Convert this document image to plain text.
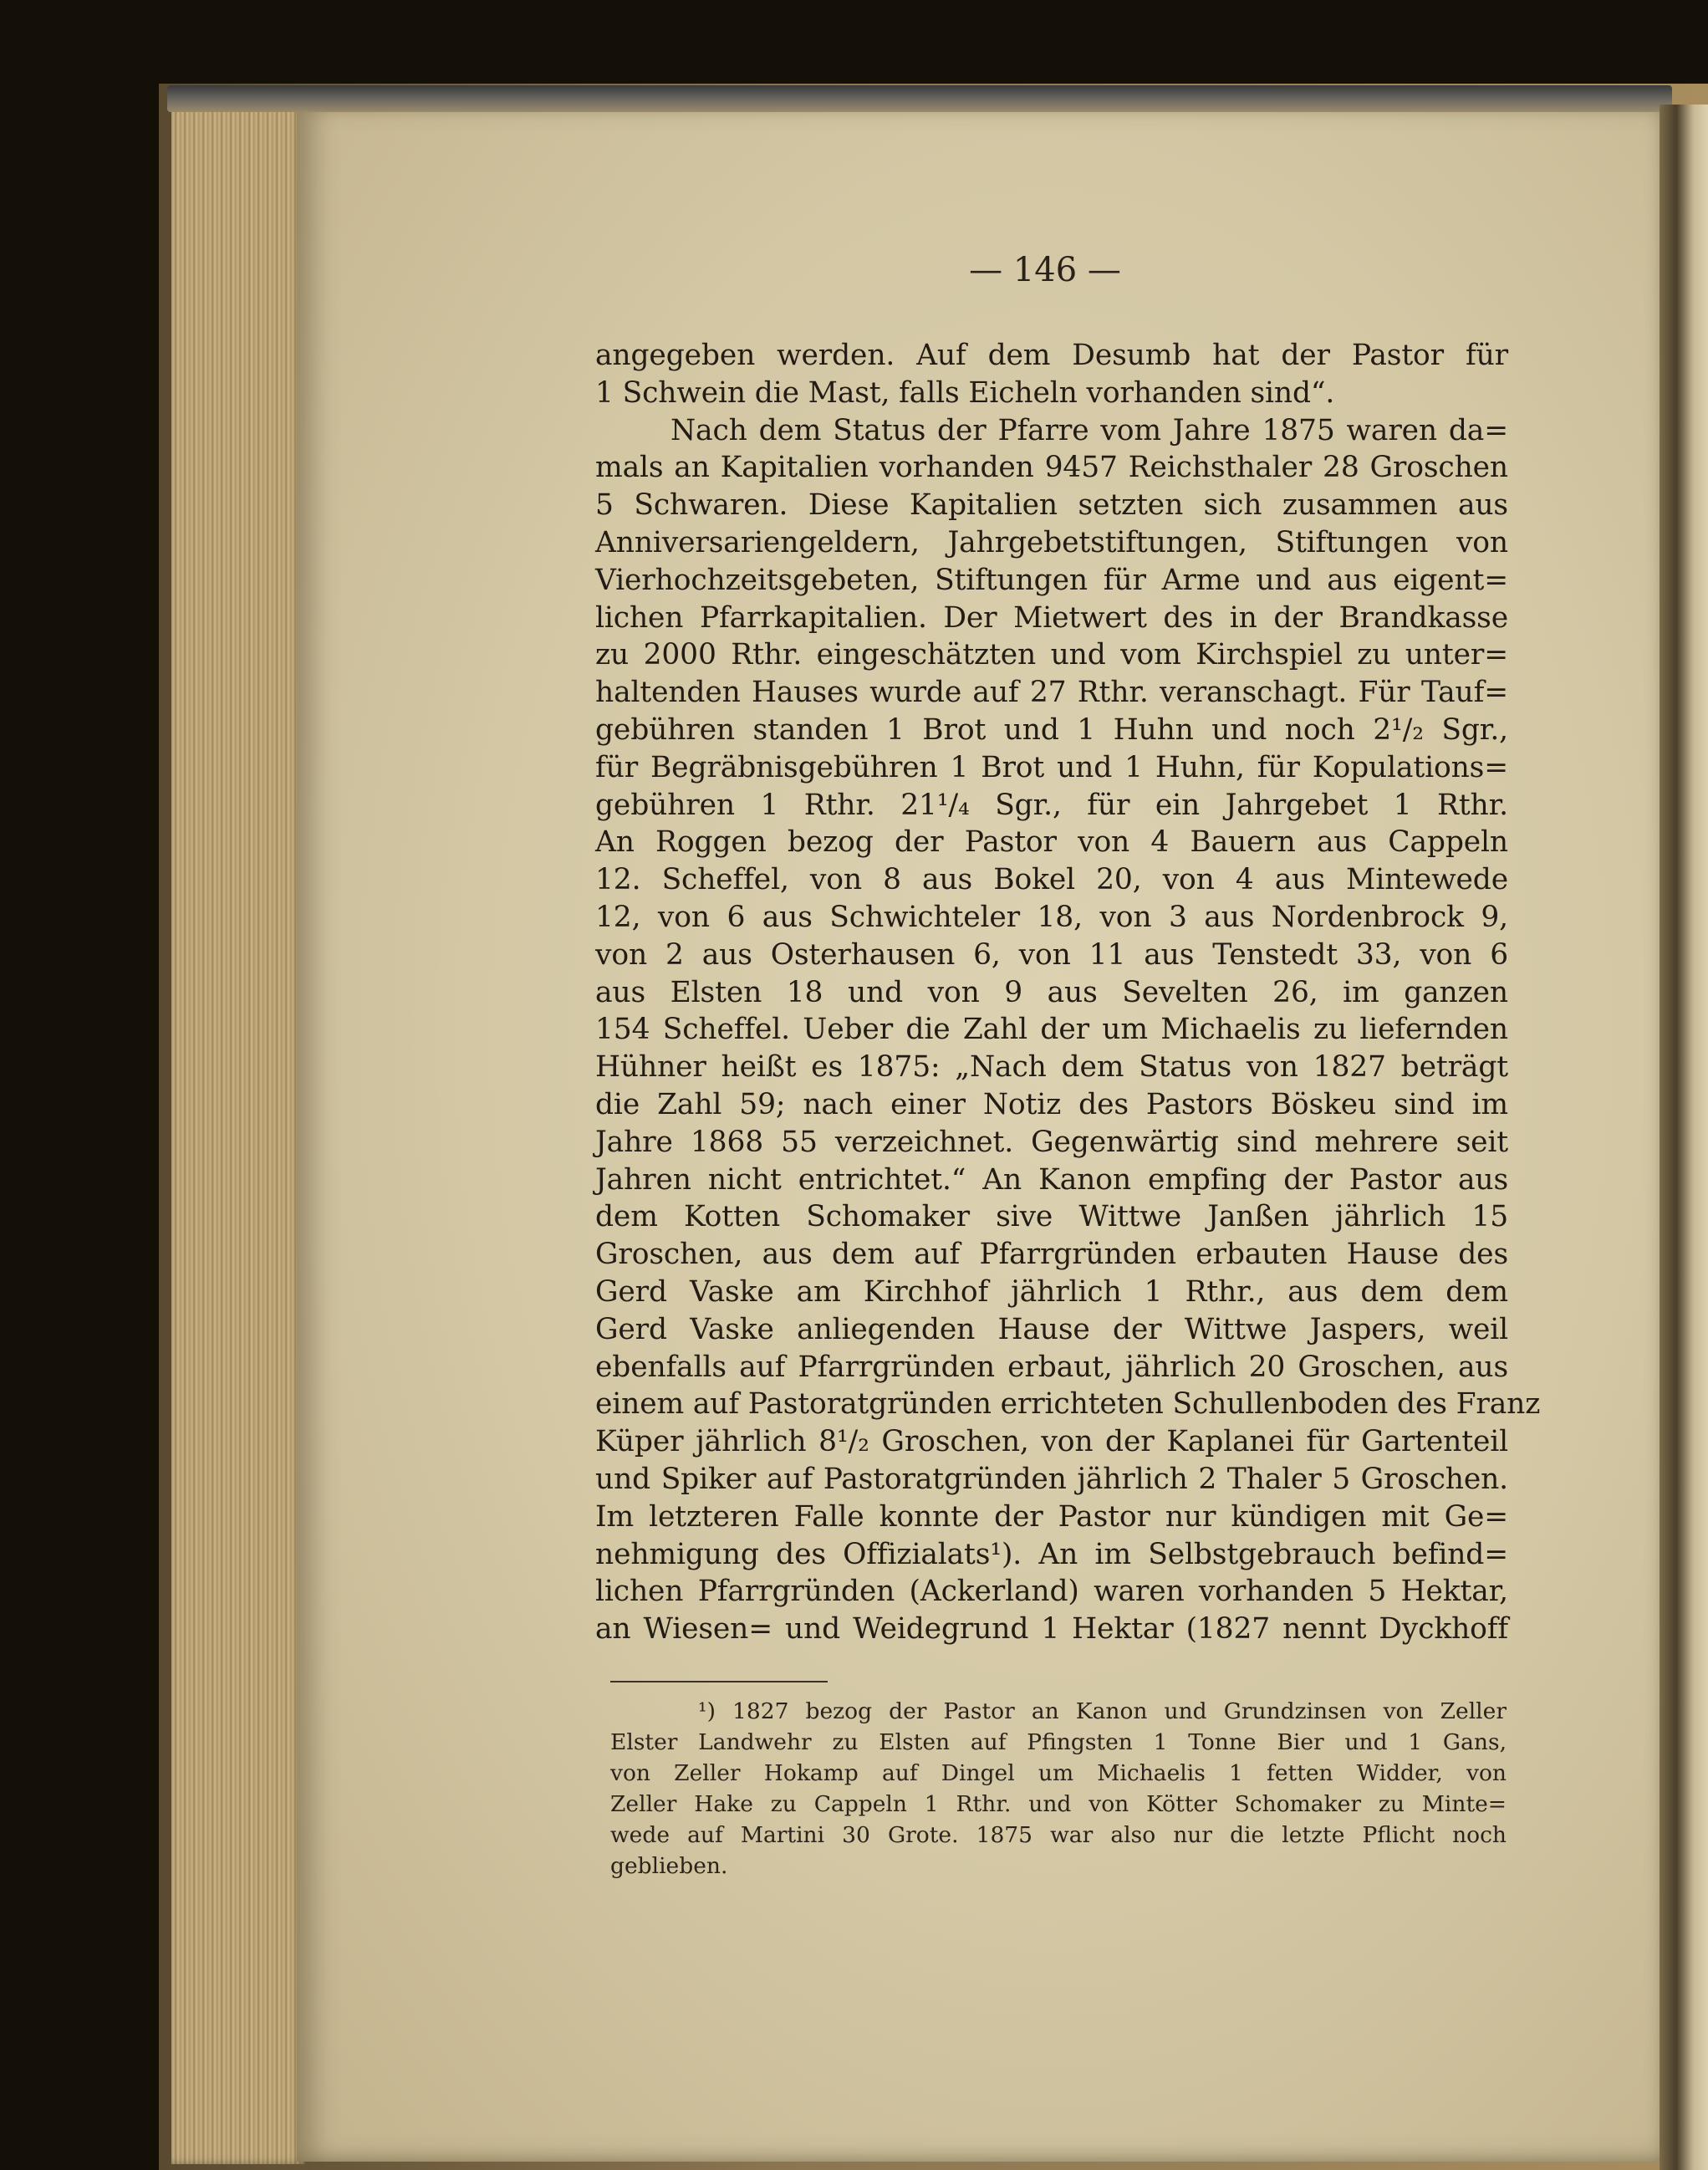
— 146 —
angegeben werden. Auf dem Desumb hat der Pastor für
1 Schwein die Mast, falls Eicheln vorhanden sind“.
Nach dem Status der Pfarre vom Jahre 1875 waren da=
mals an Kapitalien vorhanden 9457 Reichsthaler 28 Groschen
5 Schwaren. Diese Kapitalien setzten sich zusammen aus
Anniversariengeldern, Jahrgebetstiftungen, Stiftungen von
Vierhochzeitsgebeten, Stiftungen für Arme und aus eigent=
lichen Pfarrkapitalien. Der Mietwert des in der Brandkasse
zu 2000 Rthr. eingeschätzten und vom Kirchspiel zu unter=
haltenden Hauses wurde auf 27 Rthr. veranschagt. Für Tauf=
gebühren standen 1 Brot und 1 Huhn und noch 2¹/₂ Sgr.,
für Begräbnisgebühren 1 Brot und 1 Huhn, für Kopulations=
gebühren 1 Rthr. 21¹/₄ Sgr., für ein Jahrgebet 1 Rthr.
An Roggen bezog der Pastor von 4 Bauern aus Cappeln
12. Scheffel, von 8 aus Bokel 20, von 4 aus Mintewede
12, von 6 aus Schwichteler 18, von 3 aus Nordenbrock 9,
von 2 aus Osterhausen 6, von 11 aus Tenstedt 33, von 6
aus Elsten 18 und von 9 aus Sevelten 26, im ganzen
154 Scheffel. Ueber die Zahl der um Michaelis zu liefernden
Hühner heißt es 1875: „Nach dem Status von 1827 beträgt
die Zahl 59; nach einer Notiz des Pastors Böskeu sind im
Jahre 1868 55 verzeichnet. Gegenwärtig sind mehrere seit
Jahren nicht entrichtet.“ An Kanon empfing der Pastor aus
dem Kotten Schomaker sive Wittwe Janßen jährlich 15
Groschen, aus dem auf Pfarrgründen erbauten Hause des
Gerd Vaske am Kirchhof jährlich 1 Rthr., aus dem dem
Gerd Vaske anliegenden Hause der Wittwe Jaspers, weil
ebenfalls auf Pfarrgründen erbaut, jährlich 20 Groschen, aus
einem auf Pastoratgründen errichteten Schullenboden des Franz
Küper jährlich 8¹/₂ Groschen, von der Kaplanei für Gartenteil
und Spiker auf Pastoratgründen jährlich 2 Thaler 5 Groschen.
Im letzteren Falle konnte der Pastor nur kündigen mit Ge=
nehmigung des Offizialats¹). An im Selbstgebrauch befind=
lichen Pfarrgründen (Ackerland) waren vorhanden 5 Hektar,
an Wiesen= und Weidegrund 1 Hektar (1827 nennt Dyckhoff
¹) 1827 bezog der Pastor an Kanon und Grundzinsen von Zeller
Elster Landwehr zu Elsten auf Pfingsten 1 Tonne Bier und 1 Gans,
von Zeller Hokamp auf Dingel um Michaelis 1 fetten Widder, von
Zeller Hake zu Cappeln 1 Rthr. und von Kötter Schomaker zu Minte=
wede auf Martini 30 Grote. 1875 war also nur die letzte Pflicht noch
geblieben.
